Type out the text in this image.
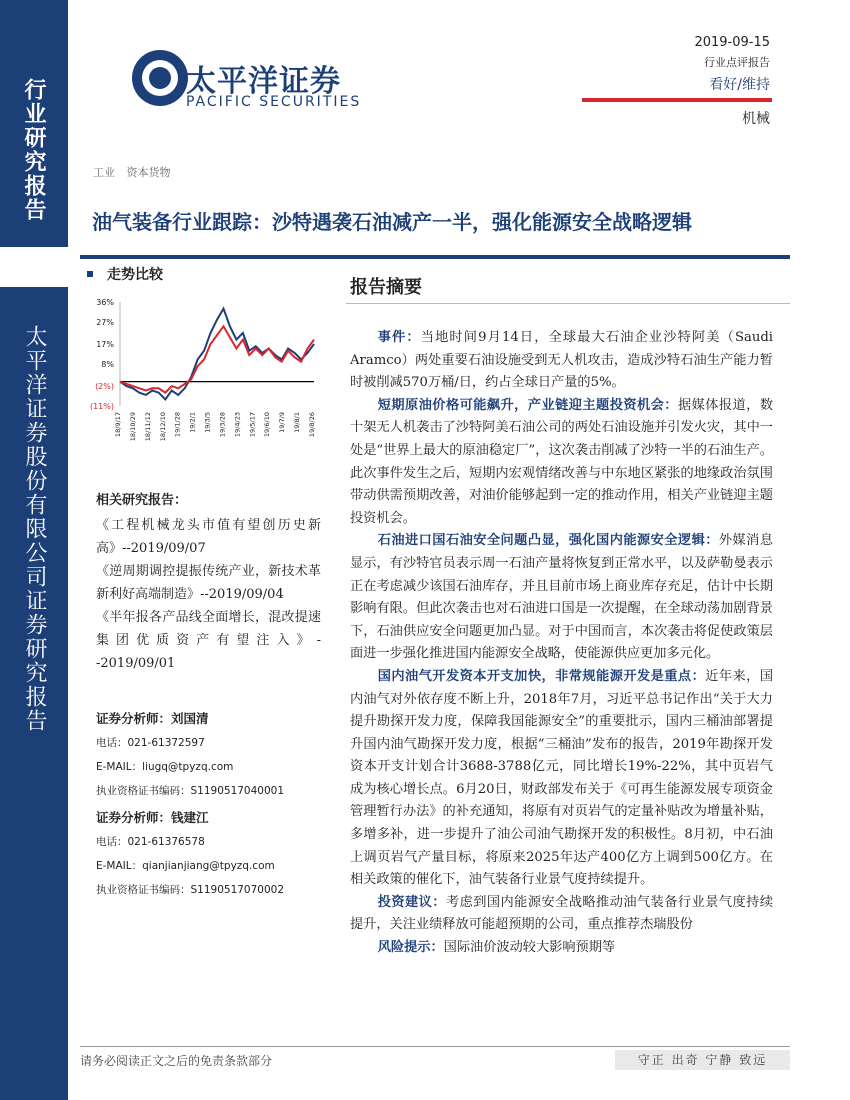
行业研究报告
太平洋证券股份有限公司证券研究报告
太平洋证券
PACIFIC SECURITIES
2019-09-15
行业点评报告
看好/维持
机械
工业 资本货物
油气装备行业跟踪：沙特遇袭石油减产一半，强化能源安全战略逻辑
走势比较
36%
27%
17%
8%
(2%)
(11%)
18/9/17 18/10/29 18/11/12 18/12/10 19/1/28 19/2/1 19/3/5 19/3/28 19/4/23 19/5/17 19/6/10 19/7/9 19/8/1 19/8/26
相关研究报告：
《工程机械龙头市值有望创历史新高》--2019/09/07
《逆周期调控提振传统产业，新技术革新利好高端制造》--2019/09/04
《半年报各产品线全面增长，混改提速集团优质资产有望注入》--2019/09/01
证券分析师：刘国清
电话：021-61372597
E-MAIL：liugq@tpyzq.com
执业资格证书编码：S1190517040001
证券分析师：钱建江
电话：021-61376578
E-MAIL：qianjianjiang@tpyzq.com
执业资格证书编码：S1190517070002
报告摘要

事件：当地时间9月14日，全球最大石油企业沙特阿美（Saudi Aramco）两处重要石油设施受到无人机攻击，造成沙特石油生产能力暂时被削减570万桶/日，约占全球日产量的5%。

短期原油价格可能飙升，产业链迎主题投资机会：据媒体报道，数十架无人机袭击了沙特阿美石油公司的两处石油设施并引发火灾，其中一处是“世界上最大的原油稳定厂”，这次袭击削减了沙特一半的石油生产。此次事件发生之后，短期内宏观情绪改善与中东地区紧张的地缘政治氛围带动供需预期改善，对油价能够起到一定的推动作用，相关产业链迎主题投资机会。

石油进口国石油安全问题凸显，强化国内能源安全逻辑：外媒消息显示，有沙特官员表示周一石油产量将恢复到正常水平，以及萨勒曼表示正在考虑减少该国石油库存，并且目前市场上商业库存充足，估计中长期影响有限。但此次袭击也对石油进口国是一次提醒，在全球动荡加剧背景下，石油供应安全问题更加凸显。对于中国而言，本次袭击将促使政策层面进一步强化推进国内能源安全战略，使能源供应更加多元化。

国内油气开发资本开支加快，非常规能源开发是重点：近年来，国内油气对外依存度不断上升，2018年7月，习近平总书记作出“关于大力提升勘探开发力度，保障我国能源安全”的重要批示，国内三桶油部署提升国内油气勘探开发力度，根据“三桶油”发布的报告，2019年勘探开发资本开支计划合计3688-3788亿元，同比增长19%-22%，其中页岩气成为核心增长点。6月20日，财政部发布关于《可再生能源发展专项资金管理暂行办法》的补充通知，将原有对页岩气的定量补贴改为增量补贴，多增多补，进一步提升了油公司油气勘探开发的积极性。8月初，中石油上调页岩气产量目标，将原来2025年达产400亿方上调到500亿方。在相关政策的催化下，油气装备行业景气度持续提升。

投资建议：考虑到国内能源安全战略推动油气装备行业景气度持续提升，关注业绩释放可能超预期的公司，重点推荐杰瑞股份

风险提示：国际油价波动较大影响预期等

请务必阅读正文之后的免责条款部分	守正 出奇 宁静 致远
